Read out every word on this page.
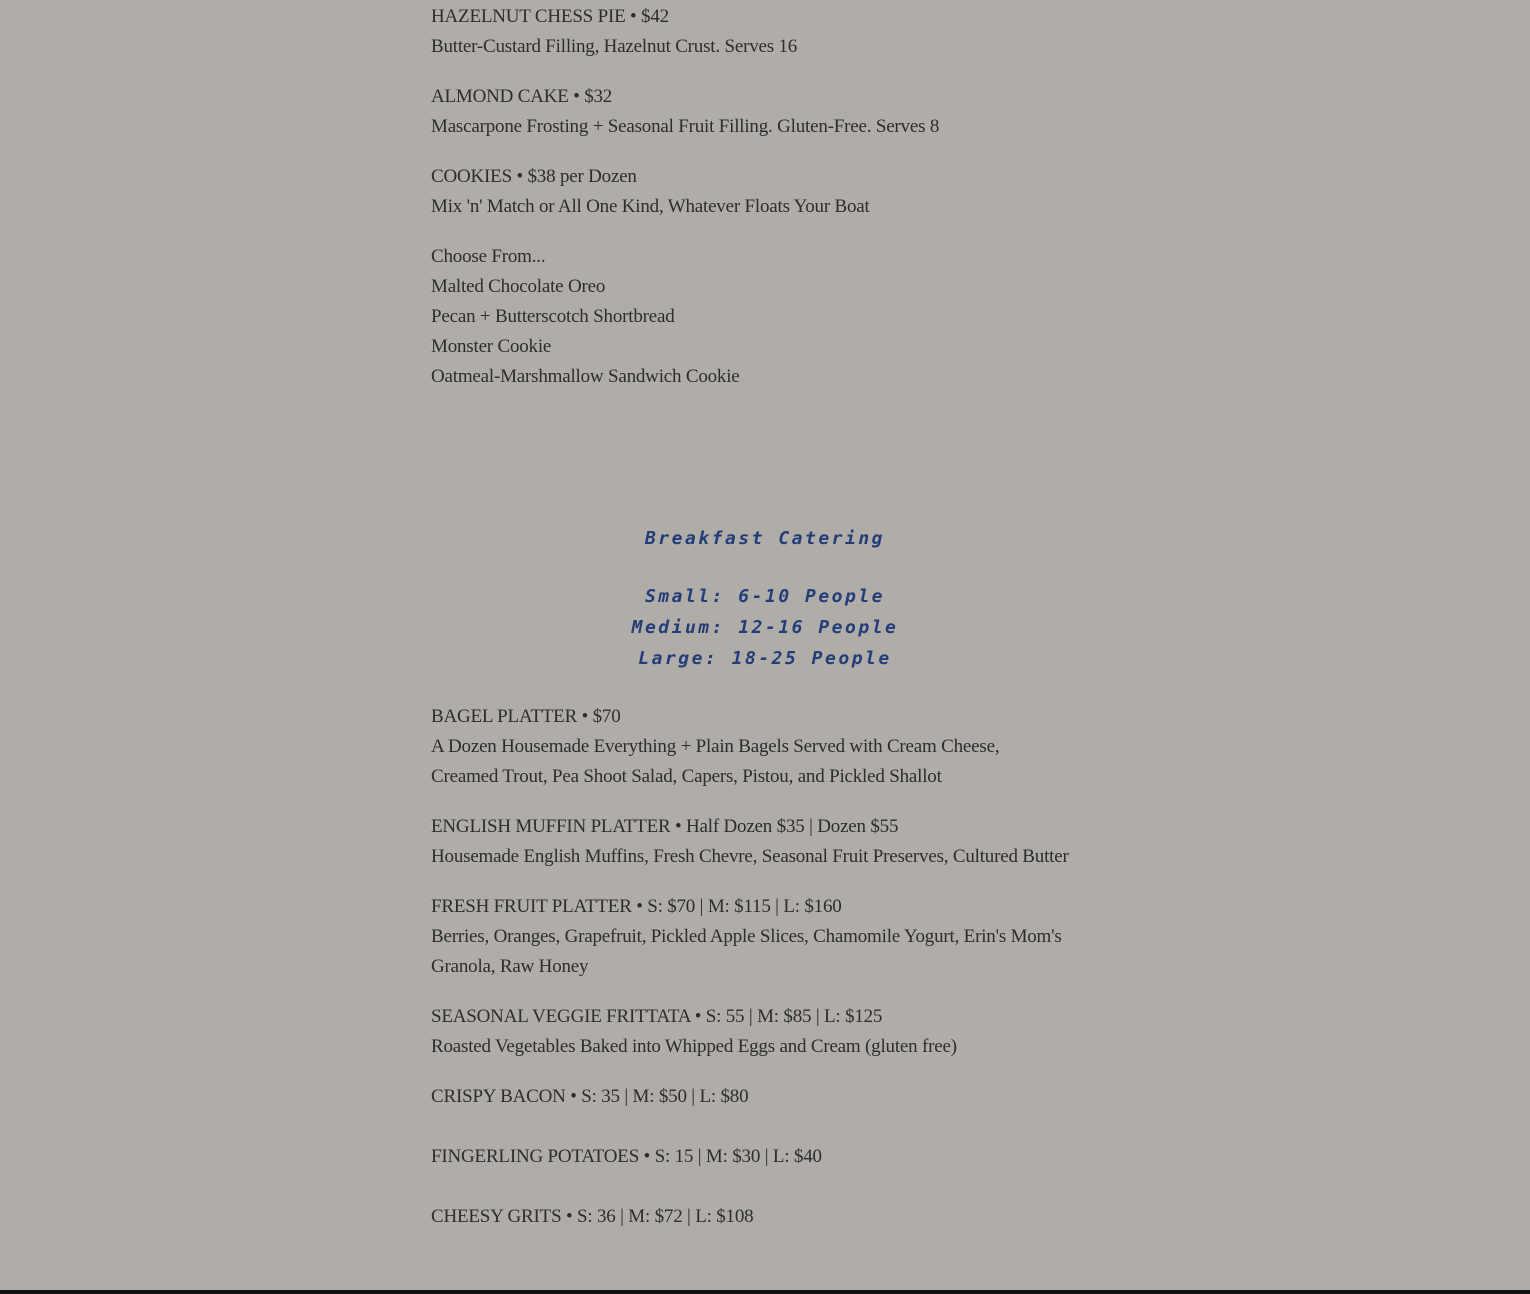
HAZELNUT CHESS PIE • $42
Butter-Custard Filling, Hazelnut Crust. Serves 16
ALMOND CAKE • $32
Mascarpone Frosting + Seasonal Fruit Filling. Gluten-Free. Serves 8
COOKIES • $38 per Dozen
Mix 'n' Match or All One Kind, Whatever Floats Your Boat
Choose From...
Malted Chocolate Oreo
Pecan + Butterscotch Shortbread
Monster Cookie
Oatmeal-Marshmallow Sandwich Cookie
Breakfast Catering
Small: 6-10 People
Medium: 12-16 People
Large: 18-25 People
BAGEL PLATTER • $70
A Dozen Housemade Everything + Plain Bagels Served with Cream Cheese, Creamed Trout, Pea Shoot Salad, Capers, Pistou, and Pickled Shallot
ENGLISH MUFFIN PLATTER • Half Dozen $35 | Dozen $55
Housemade English Muffins, Fresh Chevre, Seasonal Fruit Preserves, Cultured Butter
FRESH FRUIT PLATTER • S: $70 | M: $115 | L: $160
Berries, Oranges, Grapefruit, Pickled Apple Slices, Chamomile Yogurt, Erin's Mom's Granola, Raw Honey
SEASONAL VEGGIE FRITTATA • S: 55 | M: $85 | L: $125
Roasted Vegetables Baked into Whipped Eggs and Cream (gluten free)
CRISPY BACON • S: 35 | M: $50 | L: $80
FINGERLING POTATOES • S: 15 | M: $30 | L: $40
CHEESY GRITS • S: 36 | M: $72 | L: $108
